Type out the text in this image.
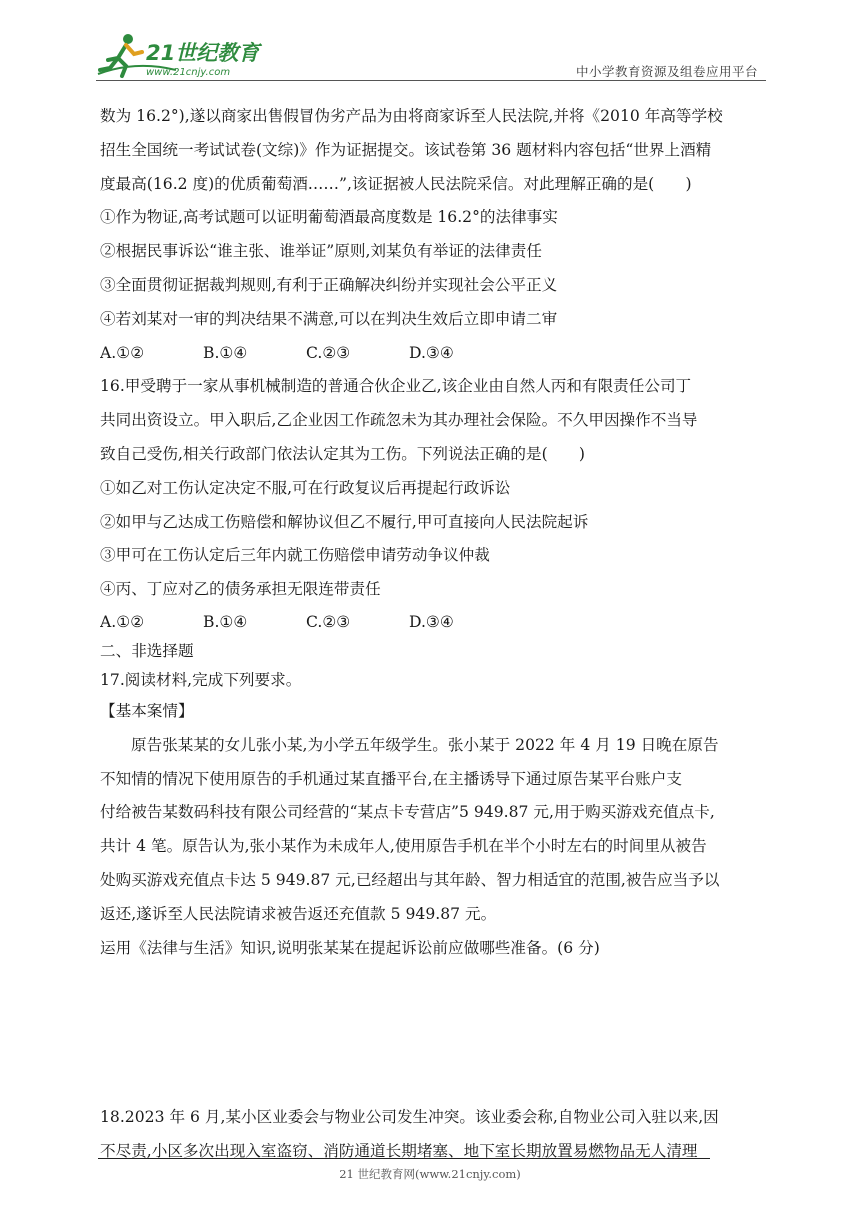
21世纪教育
www.21cnjy.com	中小学教育资源及组卷应用平台
数为 16.2°),遂以商家出售假冒伪劣产品为由将商家诉至人民法院,并将《2010 年高等学校
招生全国统一考试试卷(文综)》作为证据提交。该试卷第 36 题材料内容包括“世界上酒精
度最高(16.2 度)的优质葡萄酒……”,该证据被人民法院采信。对此理解正确的是(　　)
①作为物证,高考试题可以证明葡萄酒最高度数是 16.2°的法律事实
②根据民事诉讼“谁主张、谁举证”原则,刘某负有举证的法律责任
③全面贯彻证据裁判规则,有利于正确解决纠纷并实现社会公平正义
④若刘某对一审的判决结果不满意,可以在判决生效后立即申请二审
A.①②	B.①④	C.②③	D.③④
16.甲受聘于一家从事机械制造的普通合伙企业乙,该企业由自然人丙和有限责任公司丁
共同出资设立。甲入职后,乙企业因工作疏忽未为其办理社会保险。不久甲因操作不当导
致自己受伤,相关行政部门依法认定其为工伤。下列说法正确的是(　　)
①如乙对工伤认定决定不服,可在行政复议后再提起行政诉讼
②如甲与乙达成工伤赔偿和解协议但乙不履行,甲可直接向人民法院起诉
③甲可在工伤认定后三年内就工伤赔偿申请劳动争议仲裁
④丙、丁应对乙的债务承担无限连带责任
A.①②	B.①④	C.②③	D.③④
二、非选择题
17.阅读材料,完成下列要求。
【基本案情】
原告张某某的女儿张小某,为小学五年级学生。张小某于 2022 年 4 月 19 日晚在原告
不知情的情况下使用原告的手机通过某直播平台,在主播诱导下通过原告某平台账户支
付给被告某数码科技有限公司经营的“某点卡专营店”5 949.87 元,用于购买游戏充值点卡,
共计 4 笔。原告认为,张小某作为未成年人,使用原告手机在半个小时左右的时间里从被告
处购买游戏充值点卡达 5 949.87 元,已经超出与其年龄、智力相适宜的范围,被告应当予以
返还,遂诉至人民法院请求被告返还充值款 5 949.87 元。
运用《法律与生活》知识,说明张某某在提起诉讼前应做哪些准备。(6 分)
18.2023 年 6 月,某小区业委会与物业公司发生冲突。该业委会称,自物业公司入驻以来,因
不尽责,小区多次出现入室盗窃、消防通道长期堵塞、地下室长期放置易燃物品无人清理
21 世纪教育网(www.21cnjy.com)
